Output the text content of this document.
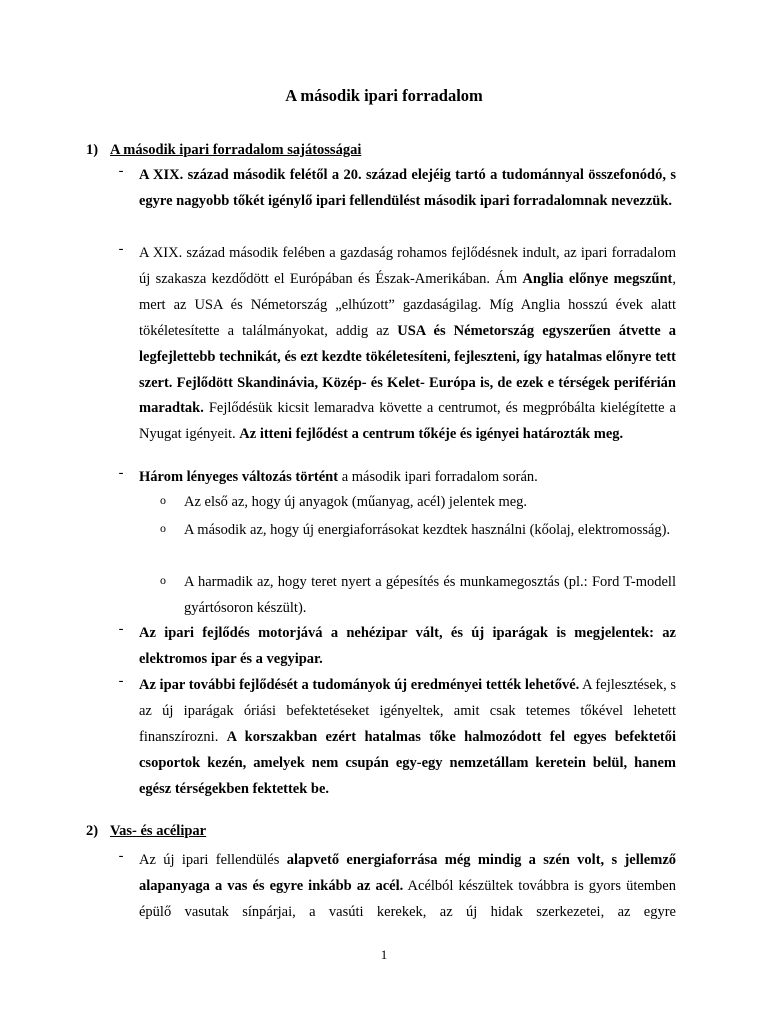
A második ipari forradalom
1) A második ipari forradalom sajátosságai
-	A XIX. század második felétől a 20. század elejéig tartó a tudománnyal összefonódó, s egyre nagyobb tőkét igénylő ipari fellendülést második ipari forradalomnak nevezzük.
-	A XIX. század második felében a gazdaság rohamos fejlődésnek indult, az ipari forradalom új szakasza kezdődött el Európában és Észak-Amerikában. Ám Anglia előnye megszűnt, mert az USA és Németország „elhúzott” gazdaságilag. Míg Anglia hosszú évek alatt tökéletesítette a találmányokat, addig az USA és Németország egyszerűen átvette a legfejlettebb technikát, és ezt kezdte tökéletesíteni, fejleszteni, így hatalmas előnyre tett szert. Fejlődött Skandinávia, Közép- és Kelet- Európa is, de ezek e térségek periférián maradtak. Fejlődésük kicsit lemaradva követte a centrumot, és megpróbálta kielégítette a Nyugat igényeit. Az itteni fejlődést a centrum tőkéje és igényei határozták meg.
-	Három lényeges változás történt a második ipari forradalom során.
o	Az első az, hogy új anyagok (műanyag, acél) jelentek meg.
o	A második az, hogy új energiaforrásokat kezdtek használni (kőolaj, elektromosság).
o	A harmadik az, hogy teret nyert a gépesítés és munkamegosztás (pl.: Ford T-modell gyártósoron készült).
-	Az ipari fejlődés motorjává a nehézipar vált, és új iparágak is megjelentek: az elektromos ipar és a vegyipar.
-	Az ipar további fejlődését a tudományok új eredményei tették lehetővé. A fejlesztések, s az új iparágak óriási befektetéseket igényeltek, amit csak tetemes tőkével lehetett finanszírozni. A korszakban ezért hatalmas tőke halmozódott fel egyes befektetői csoportok kezén, amelyek nem csupán egy-egy nemzetállam keretein belül, hanem egész térségekben fektettek be.
2) Vas- és acélipar
-	Az új ipari fellendülés alapvető energiaforrása még mindig a szén volt, s jellemző alapanyaga a vas és egyre inkább az acél. Acélból készültek továbbra is gyors ütemben épülő vasutak sínpárjai, a vasúti kerekek, az új hidak szerkezetei, az egyre
1
